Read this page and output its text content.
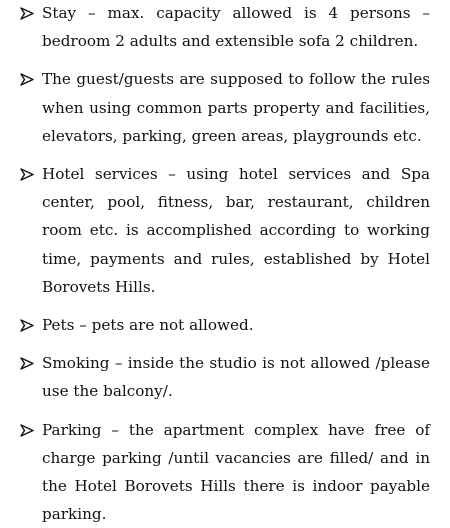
Stay – max. capacity allowed is 4 persons – bedroom 2 adults and extensible sofa 2 children.
The guest/guests are supposed to follow the rules when using common parts property and facilities, elevators, parking, green areas, playgrounds etc.
Hotel services – using hotel services and Spa center, pool, fitness, bar, restaurant, children room etc. is accomplished according to working time, payments and rules, established by Hotel Borovets Hills.
Pets – pets are not allowed.
Smoking – inside the studio is not allowed /please use the balcony/.
Parking – the apartment complex have free of charge parking /until vacancies are filled/ and in the Hotel Borovets Hills there is indoor payable parking.
